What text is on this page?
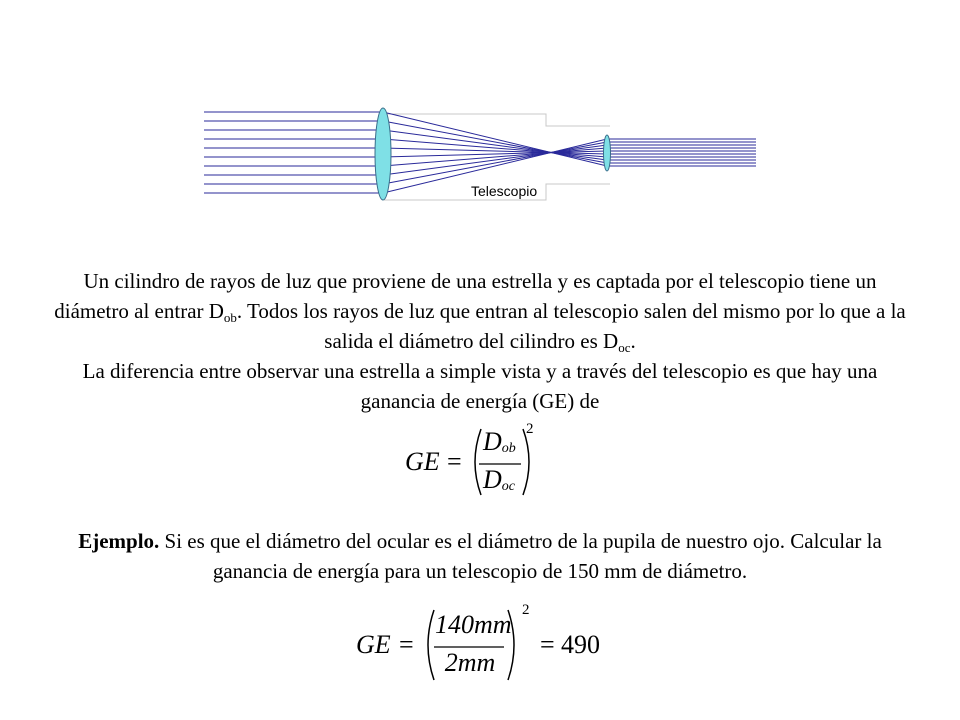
Telescopio
Un cilindro de rayos de luz que proviene de una estrella y es captada por el telescopio tiene un diámetro al entrar $D_{ob}$. Todos los rayos de luz que entran al telescopio salen del mismo por lo que a la salida el diámetro del cilindro es $D_{oc}$.
La diferencia entre observar una estrella a simple vista y a través del telescopio es que hay una ganancia de energía (GE) de
GE =
$D_{ob}$
$D_{oc}$
2
Ejemplo. Si es que el diámetro del ocular es el diámetro de la pupila de nuestro ojo. Calcular la ganancia de energía para un telescopio de 150 mm de diámetro.
GE =
140mm
2mm
2
= 490
